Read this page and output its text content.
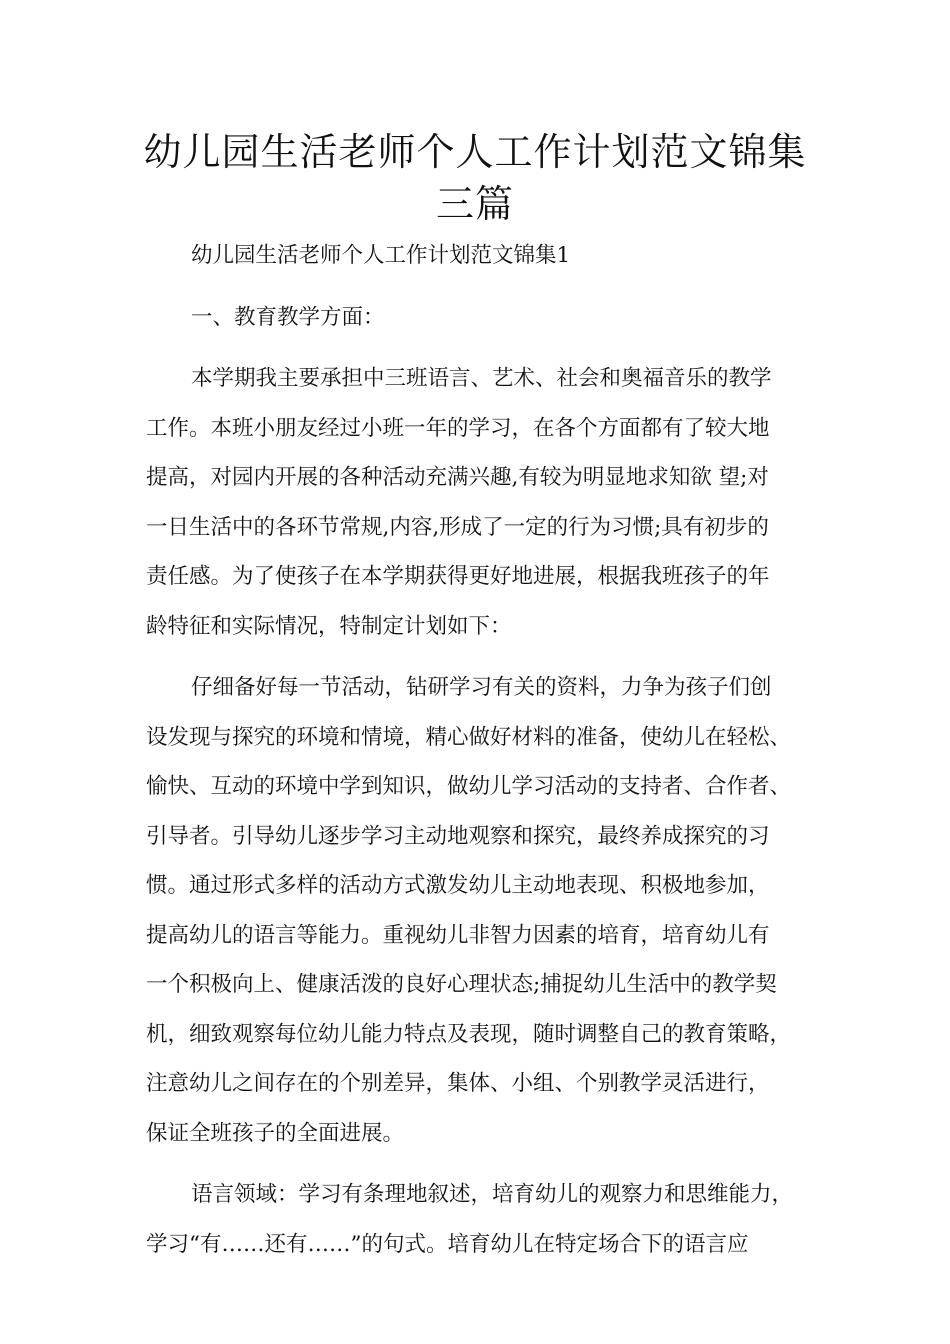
幼儿园生活老师个人工作计划范文锦集
三篇

幼儿园生活老师个人工作计划范文锦集1

一、教育教学方面：

本学期我主要承担中三班语言、艺术、社会和奥福音乐的教学
工作。本班小朋友经过小班一年的学习，在各个方面都有了较大地
提高，对园内开展的各种活动充满兴趣,有较为明显地求知欲 望;对
一日生活中的各环节常规,内容,形成了一定的行为习惯;具有初步的
责任感。为了使孩子在本学期获得更好地进展，根据我班孩子的年
龄特征和实际情况，特制定计划如下：

仔细备好每一节活动，钻研学习有关的资料，力争为孩子们创
设发现与探究的环境和情境，精心做好材料的准备，使幼儿在轻松、
愉快、互动的环境中学到知识，做幼儿学习活动的支持者、合作者、
引导者。引导幼儿逐步学习主动地观察和探究，最终养成探究的习
惯。通过形式多样的活动方式激发幼儿主动地表现、积极地参加，
提高幼儿的语言等能力。重视幼儿非智力因素的培育，培育幼儿有
一个积极向上、健康活泼的良好心理状态;捕捉幼儿生活中的教学契
机，细致观察每位幼儿能力特点及表现，随时调整自己的教育策略，
注意幼儿之间存在的个别差异，集体、小组、个别教学灵活进行，
保证全班孩子的全面进展。

语言领域：学习有条理地叙述，培育幼儿的观察力和思维能力，
学习“有……还有……”的句式。培育幼儿在特定场合下的语言应
